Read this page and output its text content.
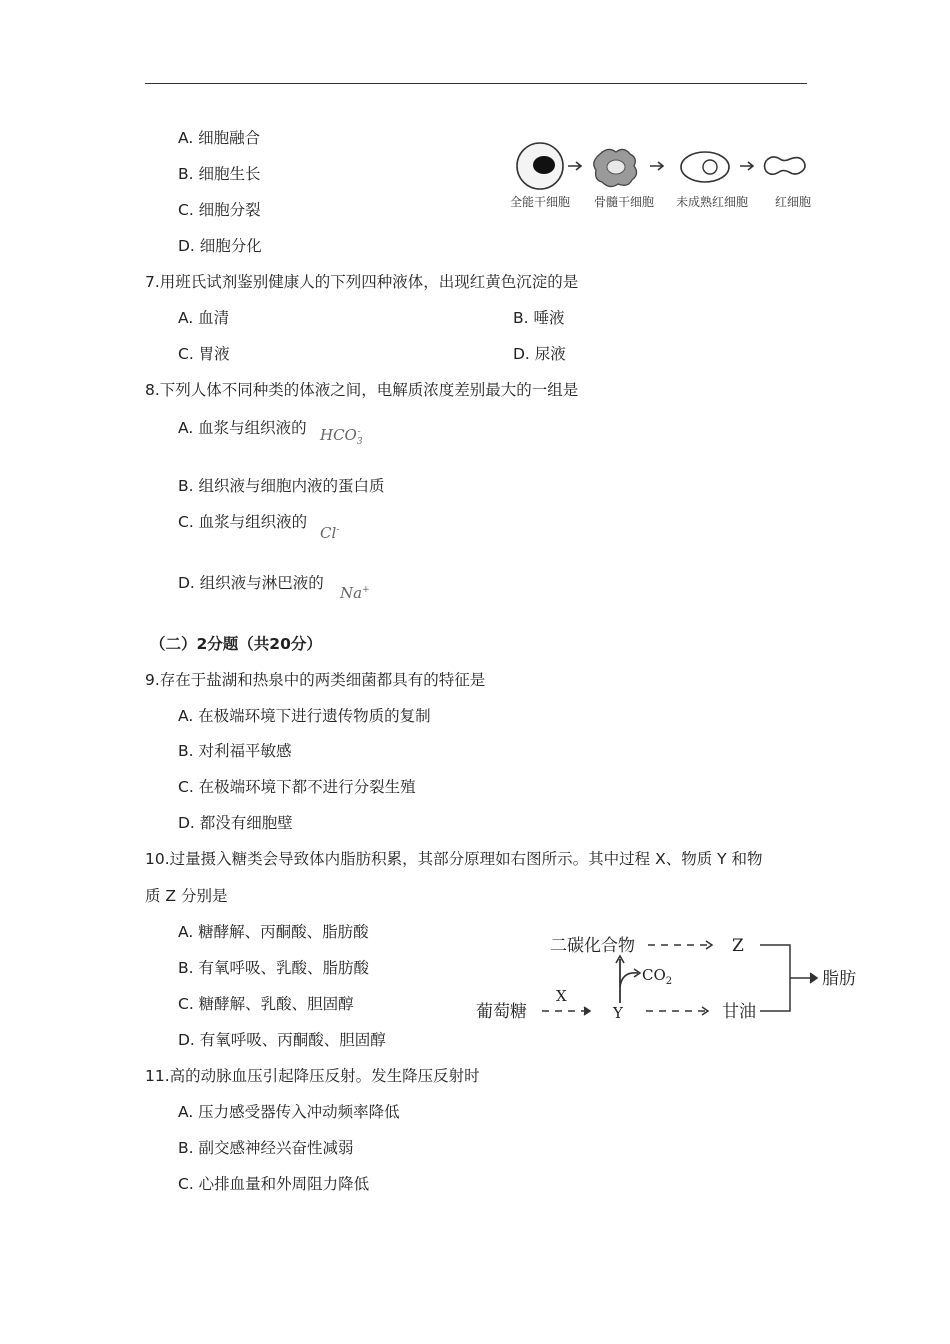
A. 细胞融合
B. 细胞生长
C. 细胞分裂
D. 细胞分化
全能干细胞 骨髓干细胞 未成熟红细胞 红细胞
7.用班氏试剂鉴别健康人的下列四种液体，出现红黄色沉淀的是
A. 血清	B. 唾液
C. 胃液	D. 尿液
8.下列人体不同种类的体液之间，电解质浓度差别最大的一组是
A. 血浆与组织液的 $HCO_3^-$
B. 组织液与细胞内液的蛋白质
C. 血浆与组织液的
Cl-
D. 组织液与淋巴液的
Na+
（二）2分题（共20分）
9.存在于盐湖和热泉中的两类细菌都具有的特征是
A. 在极端环境下进行遗传物质的复制
B. 对利福平敏感
C. 在极端环境下都不进行分裂生殖
D. 都没有细胞壁
10.过量摄入糖类会导致体内脂肪积累，其部分原理如右图所示。其中过程 X、物质 Y 和物
质 Z 分别是
A. 糖酵解、丙酮酸、脂肪酸
B. 有氧呼吸、乳酸、脂肪酸
C. 糖酵解、乳酸、胆固醇
D. 有氧呼吸、丙酮酸、胆固醇
二碳化合物	Z
脂肪
$CO_2$
葡萄糖
X
Y	甘油
11.高的动脉血压引起降压反射。发生降压反射时
A. 压力感受器传入冲动频率降低
B. 副交感神经兴奋性减弱
C. 心排血量和外周阻力降低
